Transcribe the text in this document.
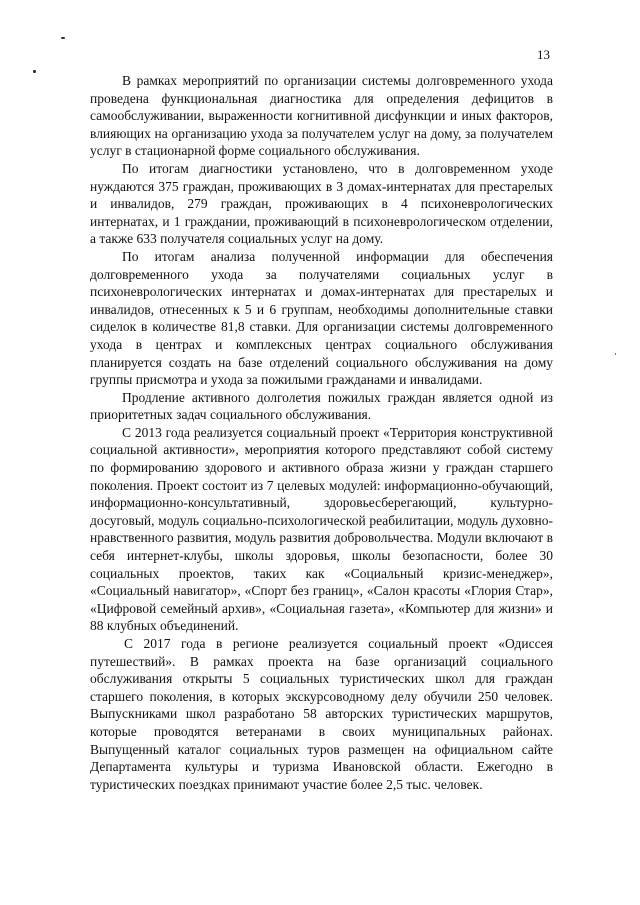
13

В рамках мероприятий по организации системы долговременного ухода проведена функциональная диагностика для определения дефицитов в самообслуживании, выраженности когнитивной дисфункции и иных факторов, влияющих на организацию ухода за получателем услуг на дому, за получателем услуг в стационарной форме социального обслуживания.

По итогам диагностики установлено, что в долговременном уходе нуждаются 375 граждан, проживающих в 3 домах-интернатах для престарелых и инвалидов, 279 граждан, проживающих в 4 психоневрологических интернатах, и 1 граждании, проживающий в психоневрологическом отделении, а также 633 получателя социальных услуг на дому.

По итогам анализа полученной информации для обеспечения долговременного ухода за получателями социальных услуг в психоневрологических интернатах и домах-интернатах для престарелых и инвалидов, отнесенных к 5 и 6 группам, необходимы дополнительные ставки сиделок в количестве 81,8 ставки. Для организации системы долговременного ухода в центрах и комплексных центрах социального обслуживания планируется создать на базе отделений социального обслуживания на дому группы присмотра и ухода за пожилыми гражданами и инвалидами.

Продление активного долголетия пожилых граждан является одной из приоритетных задач социального обслуживания.

С 2013 года реализуется социальный проект «Территория конструктивной социальной активности», мероприятия которого представляют собой систему по формированию здорового и активного образа жизни у граждан старшего поколения. Проект состоит из 7 целевых модулей: информационно-обучающий, информационно-консультативный, здоровьесберегающий, культурно-досуговый, модуль социально-психологической реабилитации, модуль духовно-нравственного развития, модуль развития добровольчества. Модули включают в себя интернет-клубы, школы здоровья, школы безопасности, более 30 социальных проектов, таких как «Социальный кризис-менеджер», «Социальный навигатор», «Спорт без границ», «Салон красоты «Глория Стар», «Цифровой семейный архив», «Социальная газета», «Компьютер для жизни» и 88 клубных объединений.

С 2017 года в регионе реализуется социальный проект «Одиссея путешествий». В рамках проекта на базе организаций социального обслуживания открыты 5 социальных туристических школ для граждан старшего поколения, в которых экскурсоводному делу обучили 250 человек. Выпускниками школ разработано 58 авторских туристических маршрутов, которые проводятся ветеранами в своих муниципальных районах. Выпущенный каталог социальных туров размещен на официальном сайте Департамента культуры и туризма Ивановской области. Ежегодно в туристических поездках принимают участие более 2,5 тыс. человек.
